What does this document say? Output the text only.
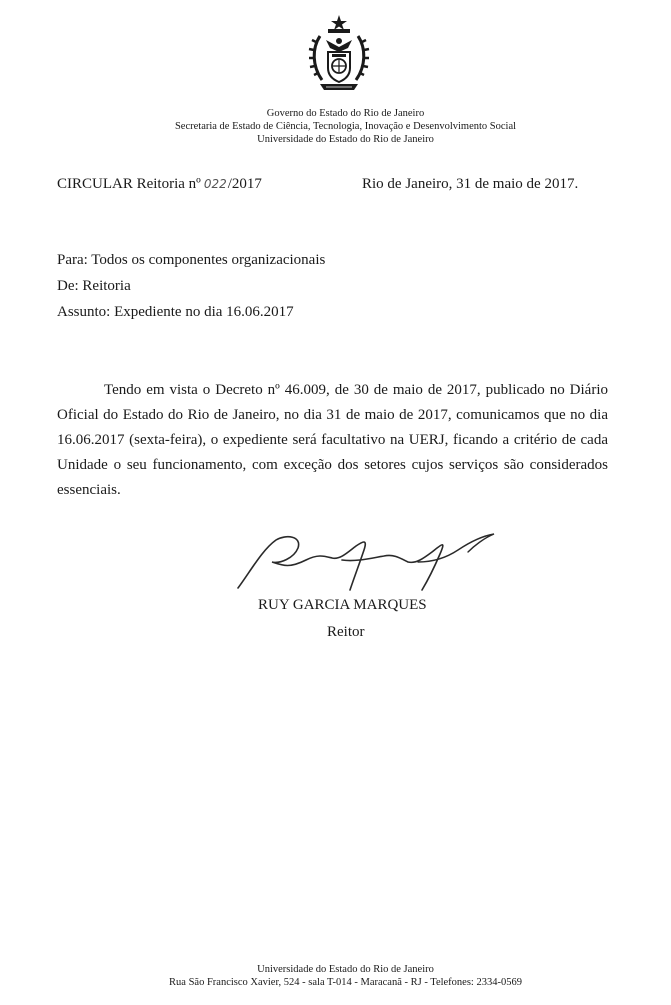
Governo do Estado do Rio de Janeiro
Secretaria de Estado de Ciência, Tecnologia, Inovação e Desenvolvimento Social
Universidade do Estado do Rio de Janeiro
CIRCULAR Reitoria nº 022/2017	Rio de Janeiro, 31 de maio de 2017.
Para: Todos os componentes organizacionais
De: Reitoria
Assunto: Expediente no dia 16.06.2017

Tendo em vista o Decreto nº 46.009, de 30 de maio de 2017, publicado no Diário Oficial do Estado do Rio de Janeiro, no dia 31 de maio de 2017, comunicamos que no dia 16.06.2017 (sexta-feira), o expediente será facultativo na UERJ, ficando a critério de cada Unidade o seu funcionamento, com exceção dos setores cujos serviços são considerados essenciais.

RUY GARCIA MARQUES
Reitor
Universidade do Estado do Rio de Janeiro
Rua São Francisco Xavier, 524 - sala T-014 - Maracanã - RJ - Telefones: 2334-0569
